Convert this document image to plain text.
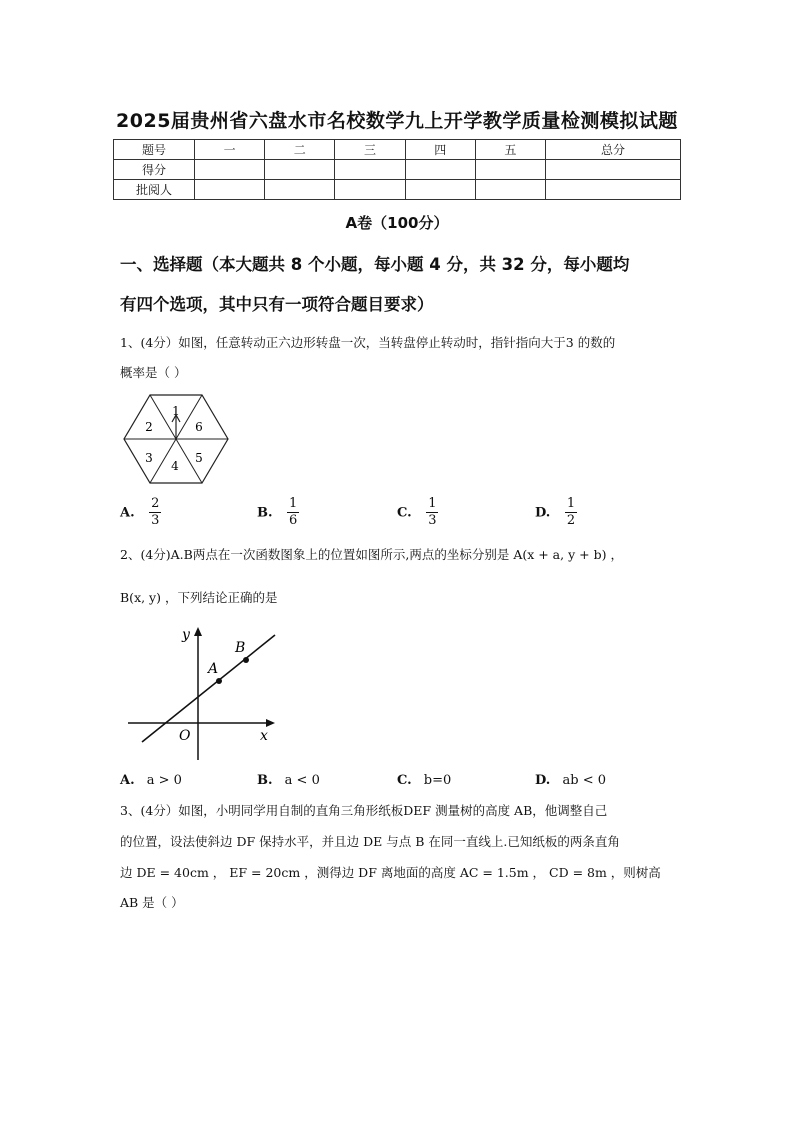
2025届贵州省六盘水市名校数学九上开学教学质量检测模拟试题
题号	一	二	三	四	五	总分
得分						
批阅人						
A卷（100分）
一、选择题（本大题共 8 个小题，每小题 4 分，共 32 分，每小题均
有四个选项，其中只有一项符合题目要求）
1、(4分）如图，任意转动正六边形转盘一次，当转盘停止转动时，指针指向大于3 的数的
概率是（ ）
1
6
5
4
3
2
A. $\frac{2}{3}$	B. $\frac{1}{6}$	C. $\frac{1}{3}$	D. $\frac{1}{2}$
2、(4分)A.B两点在一次函数图象上的位置如图所示,两点的坐标分别是 A(x + a, y + b) ，
B(x, y) ，下列结论正确的是
y
x
O
A
B
A. a > 0	B. a < 0	C. b=0	D. ab < 0
3、(4分）如图，小明同学用自制的直角三角形纸板DEF 测量树的高度 AB，他调整自己
的位置，设法使斜边 DF 保持水平，并且边 DE 与点 B 在同一直线上.已知纸板的两条直角
边 DE = 40cm ， EF = 20cm ，测得边 DF 离地面的高度 AC = 1.5m ， CD = 8m ，则树高
AB 是（ ）
